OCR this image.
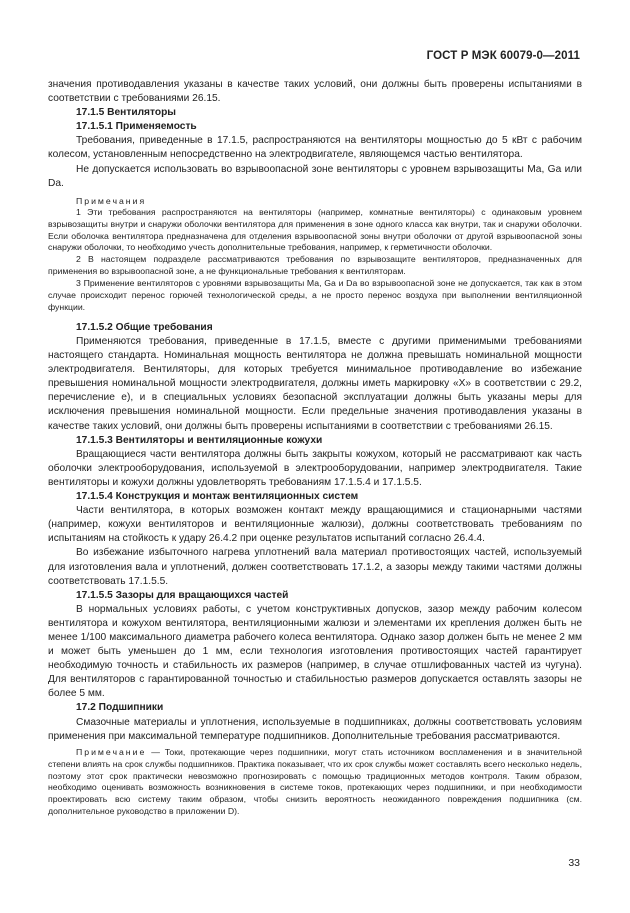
ГОСТ Р МЭК 60079-0—2011

значения противодавления указаны в качестве таких условий, они должны быть проверены испытаниями в соответствии с требованиями 26.15.

17.1.5 Вентиляторы

17.1.5.1 Применяемость

Требования, приведенные в 17.1.5, распространяются на вентиляторы мощностью до 5 кВт с рабочим колесом, установленным непосредственно на электродвигателе, являющемся частью вентилятора.

Не допускается использовать во взрывоопасной зоне вентиляторы с уровнем взрывозащиты Ма, Gа или Dа.

Примечания

1 Эти требования распространяются на вентиляторы (например, комнатные вентиляторы) с одинаковым уровнем взрывозащиты внутри и снаружи оболочки вентилятора для применения в зоне одного класса как внутри, так и снаружи оболочки. Если оболочка вентилятора предназначена для отделения взрывоопасной зоны внутри оболочки от другой взрывоопасной зоны снаружи оболочки, то необходимо учесть дополнительные требования, например, к герметичности оболочки.

2 В настоящем подразделе рассматриваются требования по взрывозащите вентиляторов, предназначенных для применения во взрывоопасной зоне, а не функциональные требования к вентиляторам.

3 Применение вентиляторов с уровнями взрывозащиты Ма, Gа и Dа во взрывоопасной зоне не допускается, так как в этом случае происходит перенос горючей технологической среды, а не просто перенос воздуха при выполнении вентиляционной функции.

17.1.5.2 Общие требования

Применяются требования, приведенные в 17.1.5, вместе с другими применимыми требованиями настоящего стандарта. Номинальная мощность вентилятора не должна превышать номинальной мощности электродвигателя. Вентиляторы, для которых требуется минимальное противодавление во избежание превышения номинальной мощности электродвигателя, должны иметь маркировку «Х» в соответствии с 29.2, перечисление е), и в специальных условиях безопасной эксплуатации должны быть указаны меры для исключения превышения номинальной мощности. Если предельные значения противодавления указаны в качестве таких условий, они должны быть проверены испытаниями в соответствии с требованиями 26.15.

17.1.5.3 Вентиляторы и вентиляционные кожухи

Вращающиеся части вентилятора должны быть закрыты кожухом, который не рассматривают как часть оболочки электрооборудования, используемой в электрооборудовании, например электродвигателя. Такие вентиляторы и кожухи должны удовлетворять требованиям 17.1.5.4 и 17.1.5.5.

17.1.5.4 Конструкция и монтаж вентиляционных систем

Части вентилятора, в которых возможен контакт между вращающимися и стационарными частями (например, кожухи вентиляторов и вентиляционные жалюзи), должны соответствовать требованиям по испытаниям на стойкость к удару 26.4.2 при оценке результатов испытаний согласно 26.4.4.

Во избежание избыточного нагрева уплотнений вала материал противостоящих частей, используемый для изготовления вала и уплотнений, должен соответствовать 17.1.2, а зазоры между такими частями должны соответствовать 17.1.5.5.

17.1.5.5 Зазоры для вращающихся частей

В нормальных условиях работы, с учетом конструктивных допусков, зазор между рабочим колесом вентилятора и кожухом вентилятора, вентиляционными жалюзи и элементами их крепления должен быть не менее 1/100 максимального диаметра рабочего колеса вентилятора. Однако зазор должен быть не менее 2 мм и может быть уменьшен до 1 мм, если технология изготовления противостоящих частей гарантирует необходимую точность и стабильность их размеров (например, в случае отшлифованных частей из чугуна). Для вентиляторов с гарантированной точностью и стабильностью размеров допускается оставлять зазоры не более 5 мм.

17.2 Подшипники

Смазочные материалы и уплотнения, используемые в подшипниках, должны соответствовать условиям применения при максимальной температуре подшипников. Дополнительные требования рассматриваются.

Примечание — Токи, протекающие через подшипники, могут стать источником воспламенения и в значительной степени влиять на срок службы подшипников. Практика показывает, что их срок службы может составлять всего несколько недель, поэтому этот срок практически невозможно прогнозировать с помощью традиционных методов контроля. Таким образом, необходимо оценивать возможность возникновения в системе токов, протекающих через подшипники, и при необходимости проектировать всю систему таким образом, чтобы снизить вероятность неожиданного повреждения подшипника (см. дополнительное руководство в приложении D).

33
